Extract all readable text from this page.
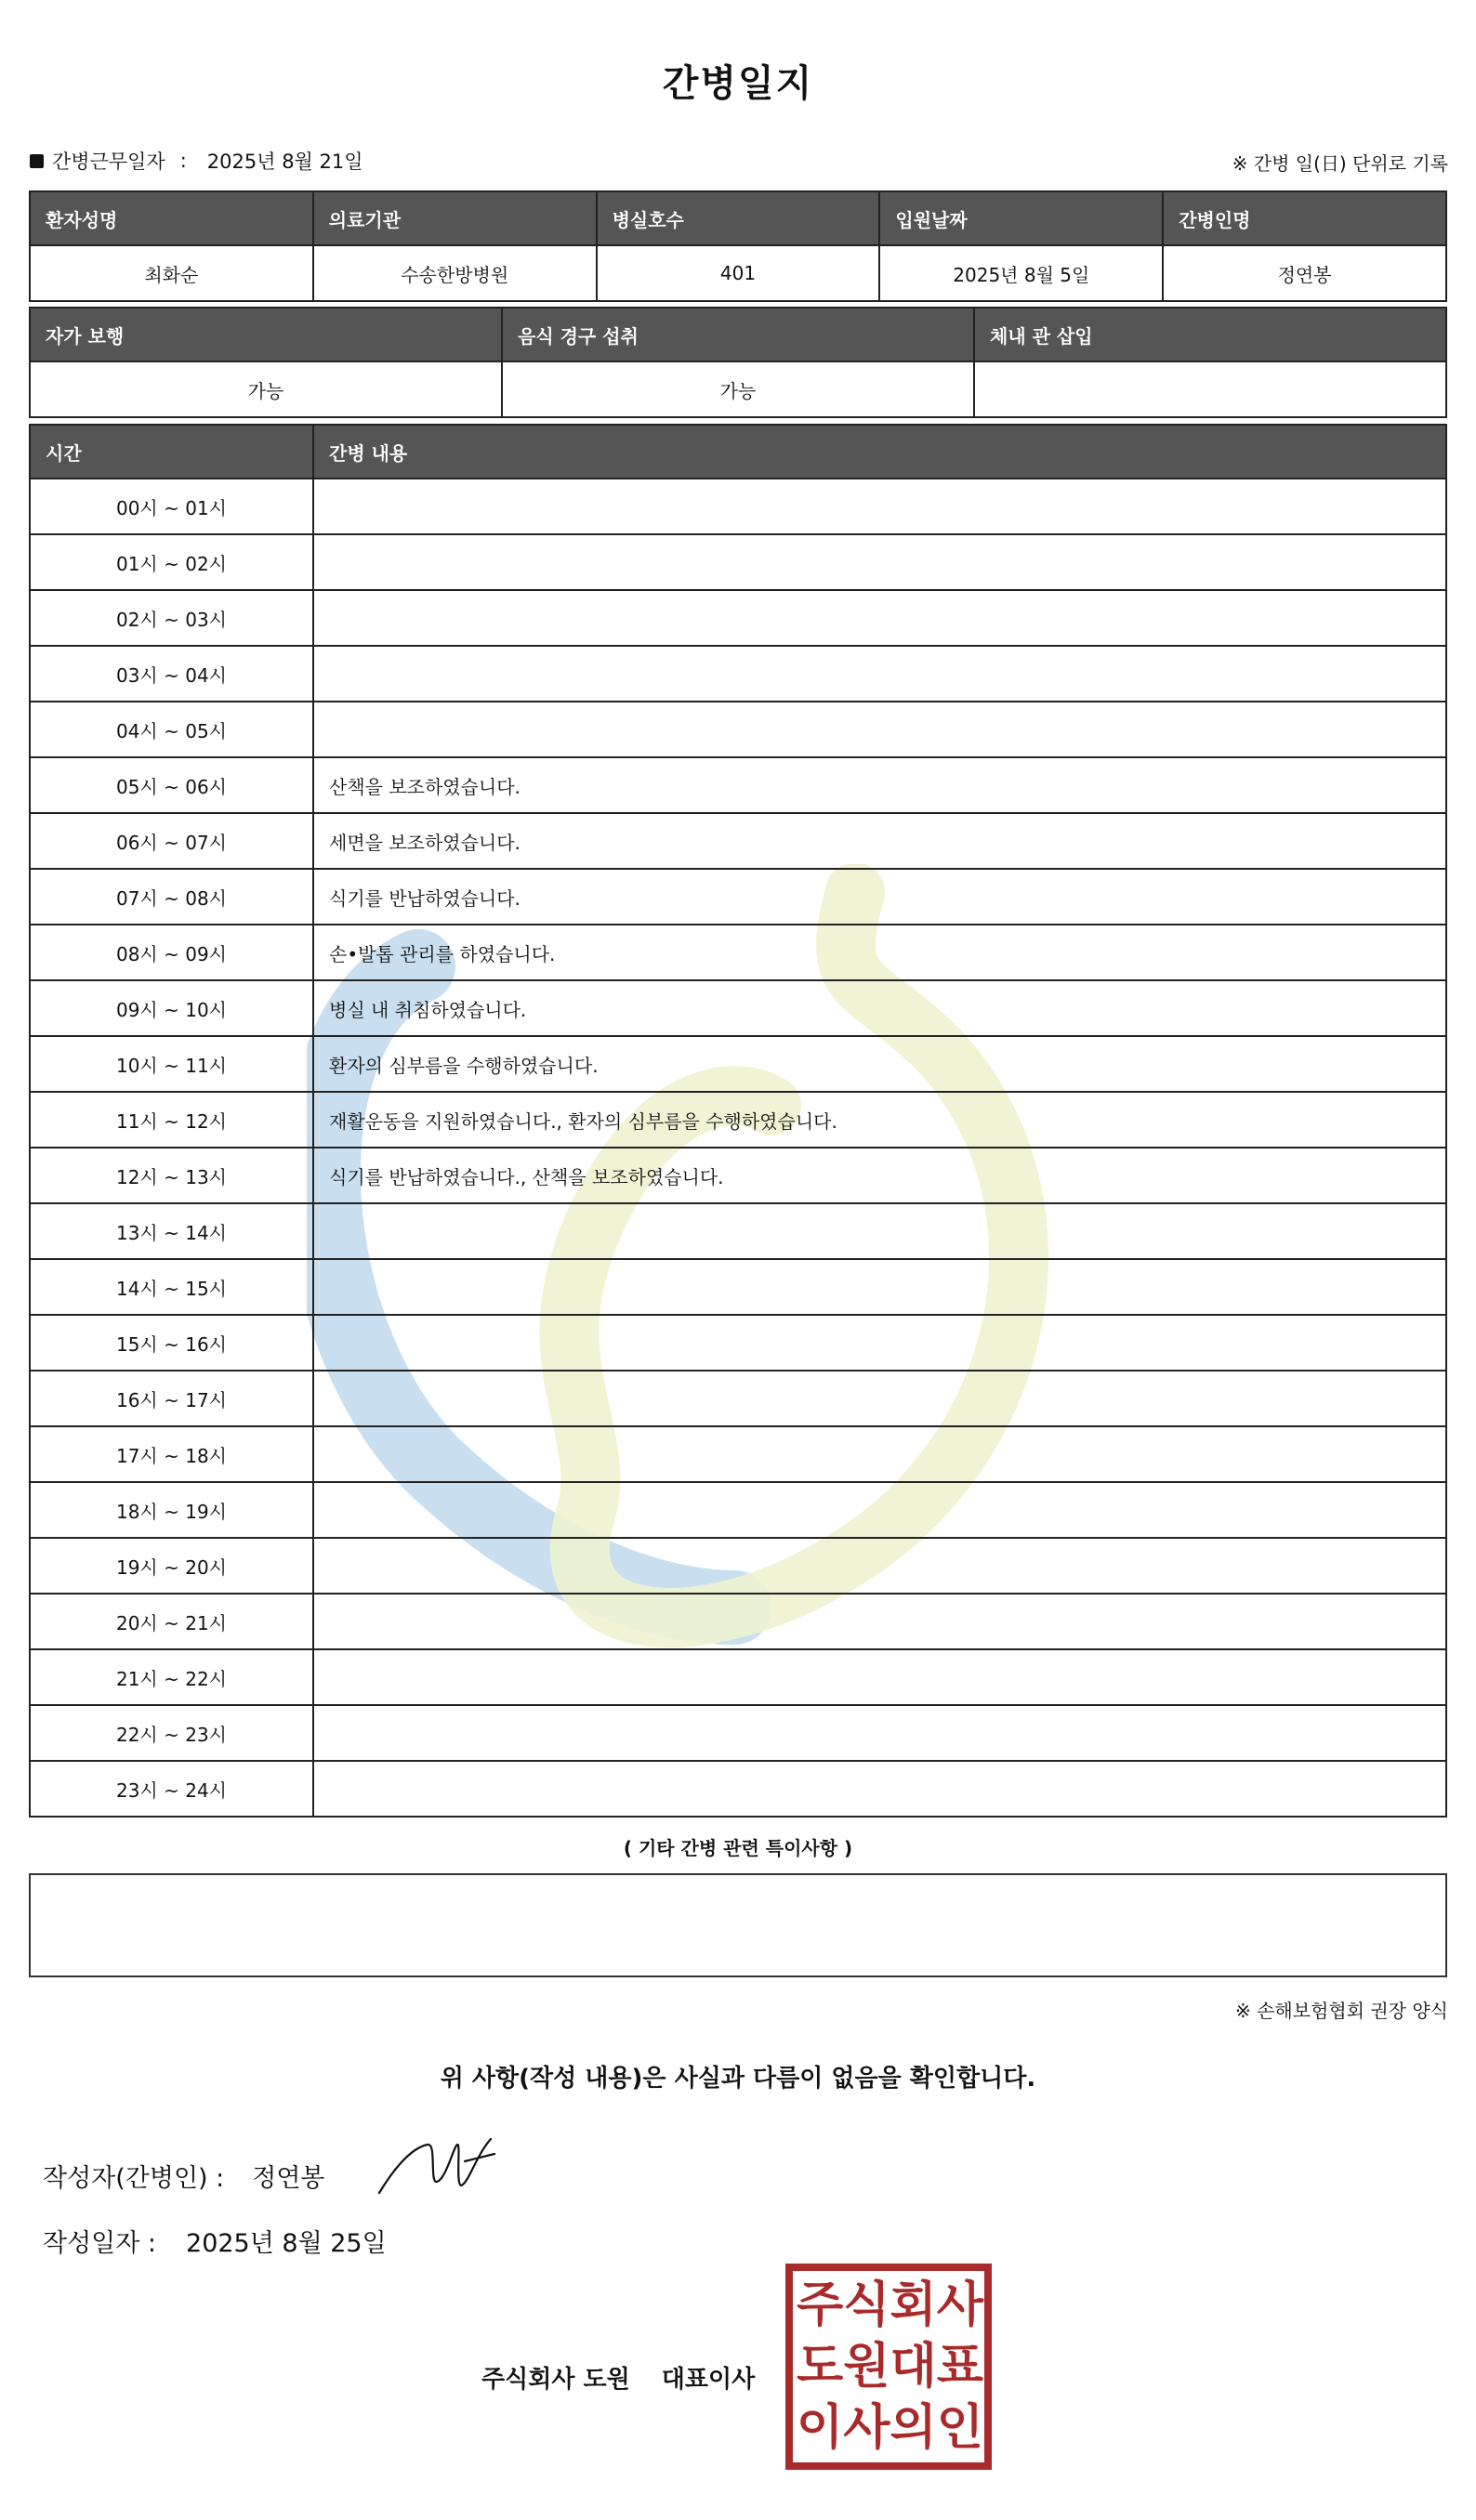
간병일지
간병근무일자 : 2025년 8월 21일	※ 간병 일(日) 단위로 기록
환자성명	의료기관	병실호수	입원날짜	간병인명
최화순	수송한방병원	401	2025년 8월 5일	정연봉
자가 보행	음식 경구 섭취	체내 관 삽입
가능	가능	
시간	간병 내용
00시 ~ 01시	
01시 ~ 02시	
02시 ~ 03시	
03시 ~ 04시	
04시 ~ 05시	
05시 ~ 06시	산책을 보조하였습니다.
06시 ~ 07시	세면을 보조하였습니다.
07시 ~ 08시	식기를 반납하였습니다.
08시 ~ 09시	손•발톱 관리를 하였습니다.
09시 ~ 10시	병실 내 취침하였습니다.
10시 ~ 11시	환자의 심부름을 수행하였습니다.
11시 ~ 12시	재활운동을 지원하였습니다., 환자의 심부름을 수행하였습니다.
12시 ~ 13시	식기를 반납하였습니다., 산책을 보조하였습니다.
13시 ~ 14시	
14시 ~ 15시	
15시 ~ 16시	
16시 ~ 17시	
17시 ~ 18시	
18시 ~ 19시	
19시 ~ 20시	
20시 ~ 21시	
21시 ~ 22시	
22시 ~ 23시	
23시 ~ 24시	
( 기타 간병 관련 특이사항 )
※ 손해보험협회 권장 양식
위 사항(작성 내용)은 사실과 다름이 없음을 확인합니다.
작성자(간병인) : 정연봉
작성일자 : 2025년 8월 25일
주식회사 도원 대표이사
주 식 회 사
도 원 대 표
이 사 의 인
